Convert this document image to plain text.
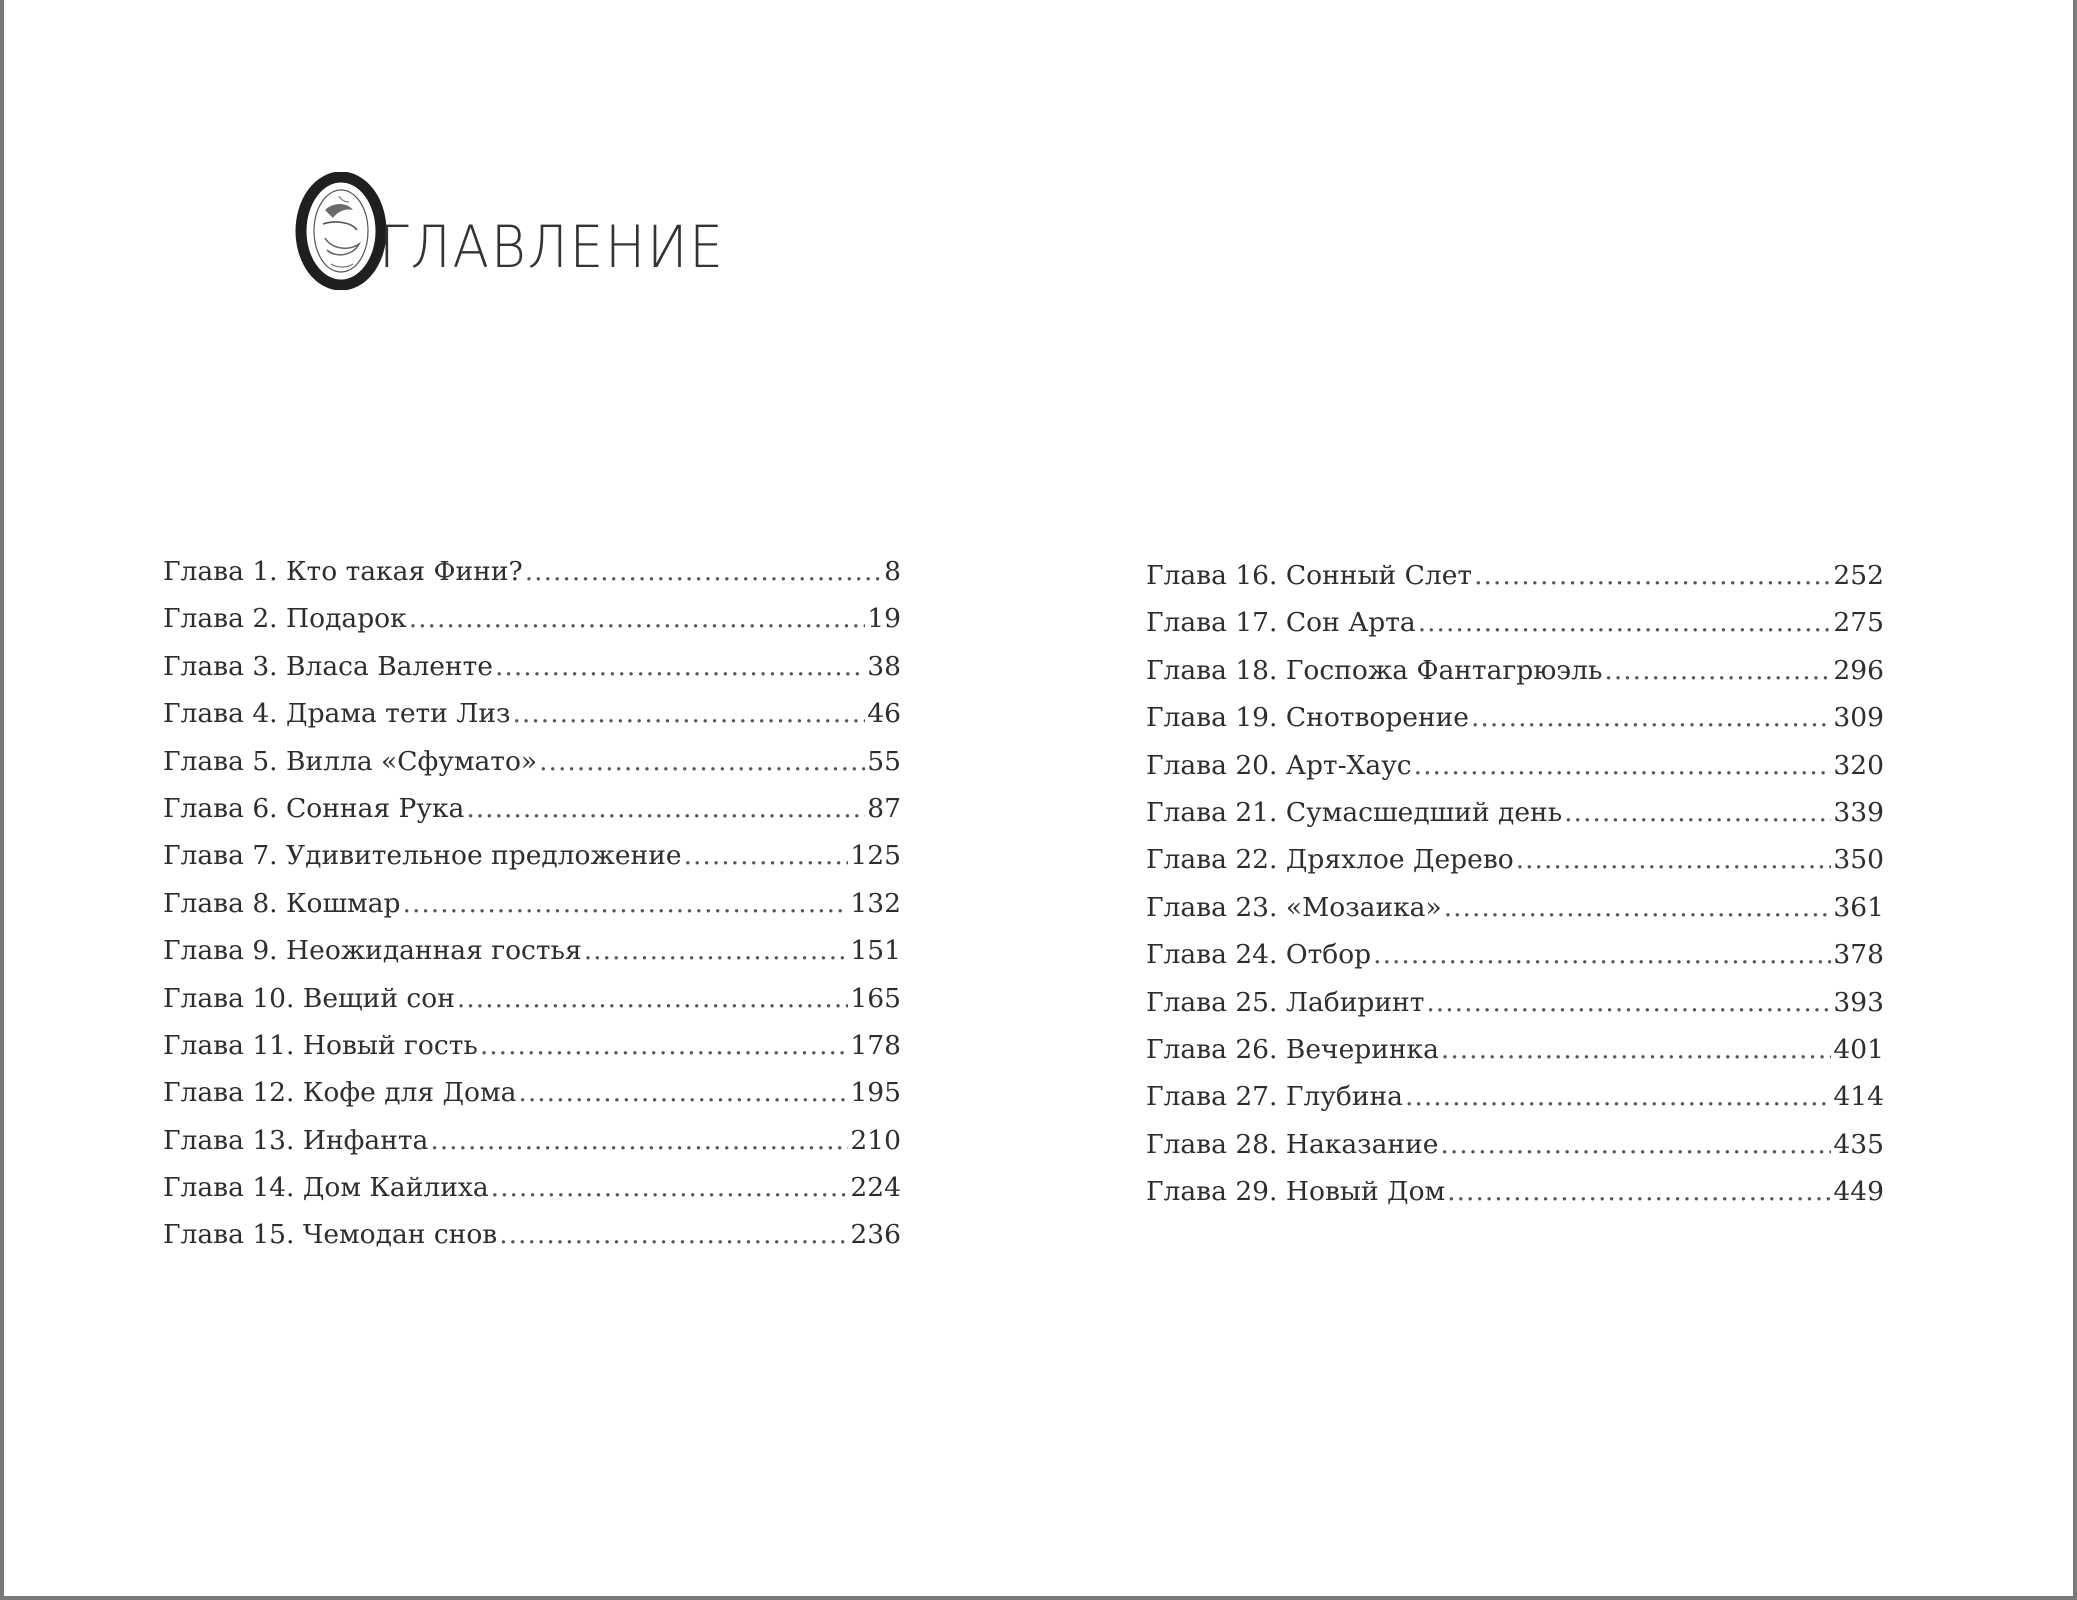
ГЛАВЛЕНИЕ
Глава 1. Кто такая Фини? .....	8
Глава 2. Подарок .....	19
Глава 3. Власа Валенте .....	38
Глава 4. Драма тети Лиз .....	46
Глава 5. Вилла «Сфумато» .....	55
Глава 6. Сонная Рука .....	87
Глава 7. Удивительное предложение .....	125
Глава 8. Кошмар .....	132
Глава 9. Неожиданная гостья .....	151
Глава 10. Вещий сон .....	165
Глава 11. Новый гость .....	178
Глава 12. Кофе для Дома .....	195
Глава 13. Инфанта .....	210
Глава 14. Дом Кайлиха .....	224
Глава 15. Чемодан снов .....	236
Глава 16. Сонный Слет .....	252
Глава 17. Сон Арта .....	275
Глава 18. Госпожа Фантагрюэль .....	296
Глава 19. Снотворение .....	309
Глава 20. Арт-Хаус .....	320
Глава 21. Сумасшедший день .....	339
Глава 22. Дряхлое Дерево .....	350
Глава 23. «Мозаика» .....	361
Глава 24. Отбор .....	378
Глава 25. Лабиринт .....	393
Глава 26. Вечеринка .....	401
Глава 27. Глубина .....	414
Глава 28. Наказание .....	435
Глава 29. Новый Дом .....	449
